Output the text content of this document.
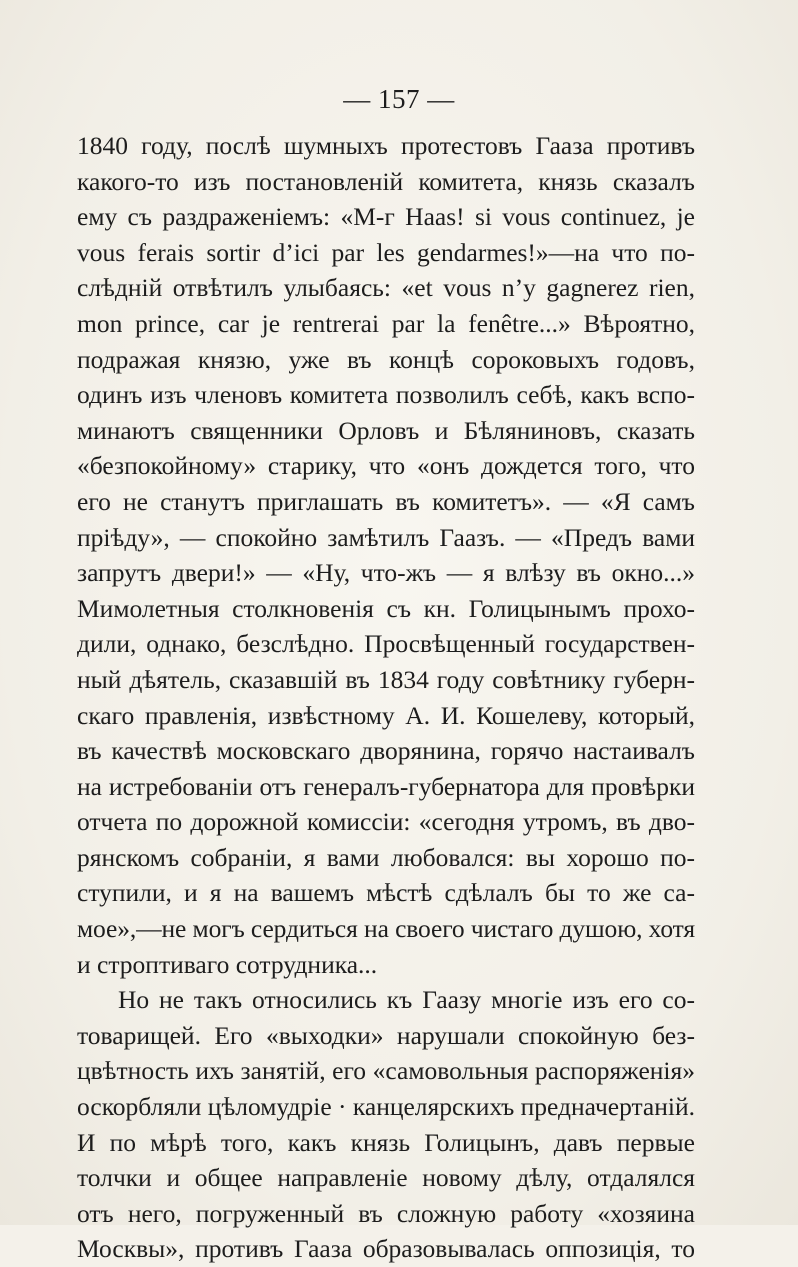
— 157 —
1840 году, послѣ шумныхъ протестовъ Гааза противъ
какого-то изъ постановленій комитета, князь сказалъ
ему съ раздраженіемъ: «М-г Haas! si vous continuez, je
vous ferais sortir d’ici par les gendarmes!»—на что по-
слѣдній отвѣтилъ улыбаясь: «et vous n’y gagnerez rien,
mon prince, car je rentrerai par la fenêtre...» Вѣроятно,
подражая князю, уже въ концѣ сороковыхъ годовъ,
одинъ изъ членовъ комитета позволилъ себѣ, какъ вспо-
минаютъ священники Орловъ и Бѣляниновъ, сказать
«безпокойному» старику, что «онъ дождется того, что
его не станутъ приглашать въ комитетъ». — «Я самъ
пріѣду», — спокойно замѣтилъ Гаазъ. — «Предъ вами
запрутъ двери!» — «Ну, что-жъ — я влѣзу въ окно...»
Мимолетныя столкновенія съ кн. Голицынымъ прохо-
дили, однако, безслѣдно. Просвѣщенный государствен-
ный дѣятель, сказавшій въ 1834 году совѣтнику губерн-
скаго правленія, извѣстному А. И. Кошелеву, который,
въ качествѣ московскаго дворянина, горячо настаивалъ
на истребованіи отъ генералъ-губернатора для провѣрки
отчета по дорожной комиссіи: «сегодня утромъ, въ дво-
рянскомъ собраніи, я вами любовался: вы хорошо по-
ступили, и я на вашемъ мѣстѣ сдѣлалъ бы то же са-
мое»,—не могъ сердиться на своего чистаго душою, хотя
и строптиваго сотрудника...
Но не такъ относились къ Гаазу многіе изъ его со-
товарищей. Его «выходки» нарушали спокойную без-
цвѣтность ихъ занятій, его «самовольныя распоряженія»
оскорбляли цѣломудріе · канцелярскихъ предначертаній.
И по мѣрѣ того, какъ князь Голицынъ, давъ первые
толчки и общее направленіе новому дѣлу, отдалялся
отъ него, погруженный въ сложную работу «хозяина
Москвы», противъ Гааза образовывалась оппозиція, то
